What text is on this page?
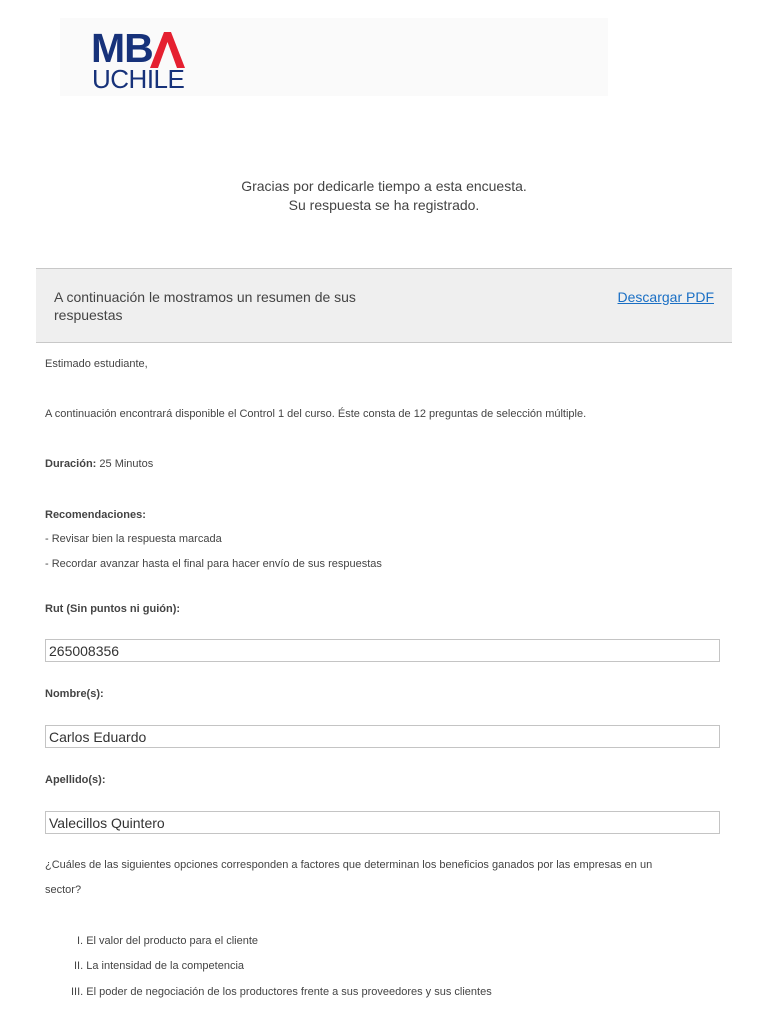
MB
UCHILE
Gracias por dedicarle tiempo a esta encuesta.
Su respuesta se ha registrado.
A continuación le mostramos un resumen de sus respuestas
Descargar PDF
Estimado estudiante,
A continuación encontrará disponible el Control 1 del curso. Éste consta de 12 preguntas de selección múltiple.
Duración: 25 Minutos
Recomendaciones:
- Revisar bien la respuesta marcada
- Recordar avanzar hasta el final para hacer envío de sus respuestas
Rut (Sin puntos ni guión):
265008356
Nombre(s):
Carlos Eduardo
Apellido(s):
Valecillos Quintero
¿Cuáles de las siguientes opciones corresponden a factores que determinan los beneficios ganados por las empresas en un
sector?
I. El valor del producto para el cliente
II. La intensidad de la competencia
III. El poder de negociación de los productores frente a sus proveedores y sus clientes
